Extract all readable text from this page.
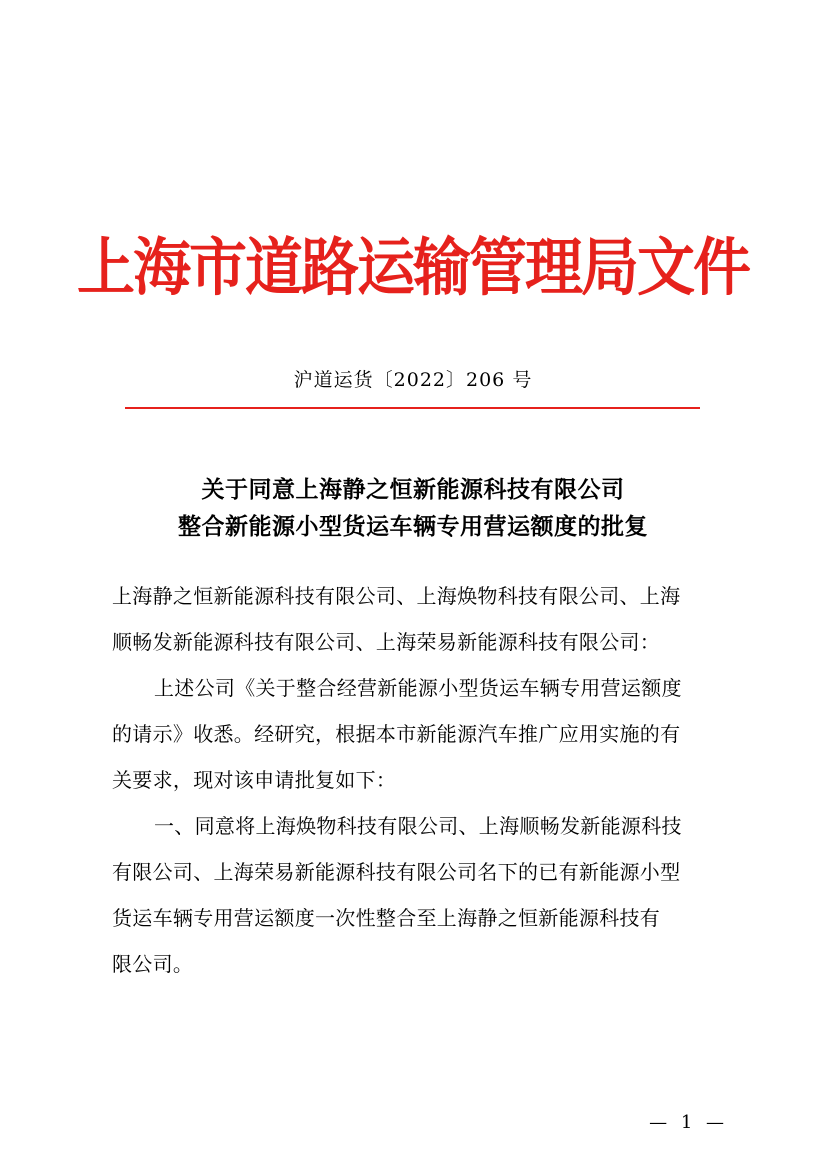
上海市道路运输管理局文件
沪道运货〔2022〕206 号
关于同意上海静之恒新能源科技有限公司
整合新能源小型货运车辆专用营运额度的批复
上海静之恒新能源科技有限公司、上海焕物科技有限公司、上海
顺畅发新能源科技有限公司、上海荣易新能源科技有限公司：
上述公司《关于整合经营新能源小型货运车辆专用营运额度
的请示》收悉。经研究，根据本市新能源汽车推广应用实施的有
关要求，现对该申请批复如下：
一、同意将上海焕物科技有限公司、上海顺畅发新能源科技
有限公司、上海荣易新能源科技有限公司名下的已有新能源小型
货运车辆专用营运额度一次性整合至上海静之恒新能源科技有
限公司。
— 1 —
